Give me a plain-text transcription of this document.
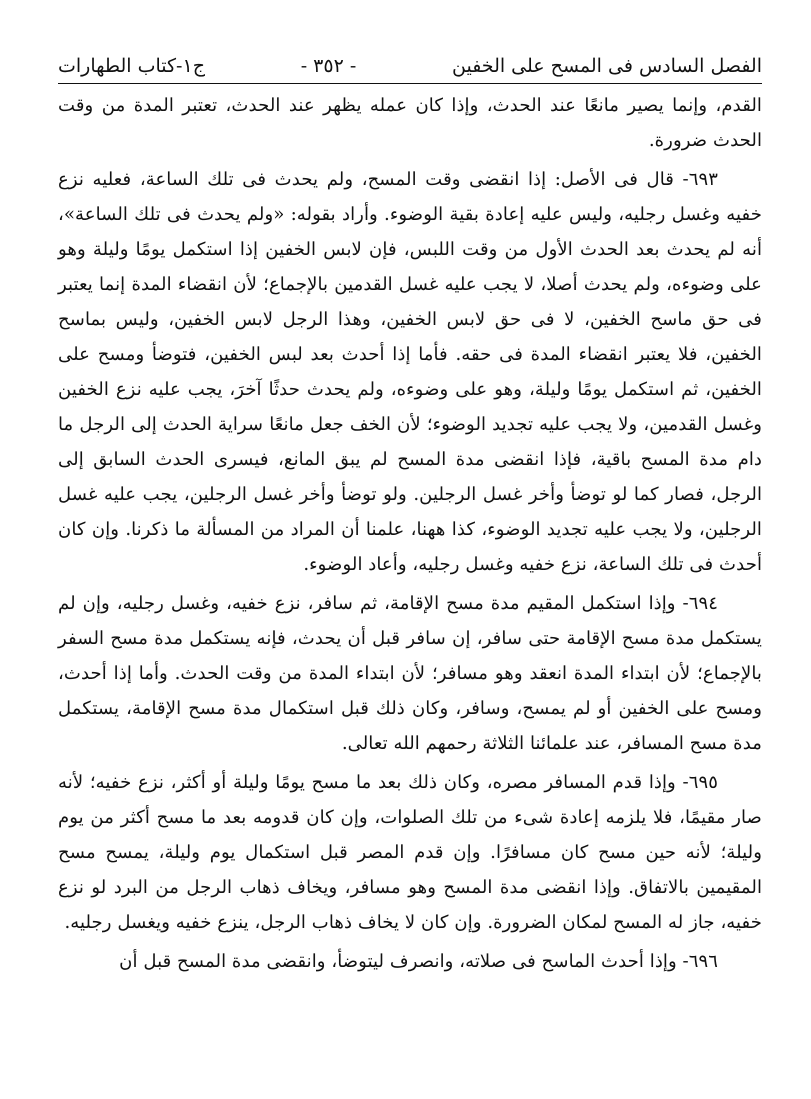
الفصل السادس فى المسح على الخفين
- ٣٥٢ -
ج١-كتاب الطهارات

القدم، وإنما يصير مانعًا عند الحدث، وإذا كان عمله يظهر عند الحدث، تعتبر المدة من وقت الحدث ضرورة.

٦٩٣- قال فى الأصل: إذا انقضى وقت المسح، ولم يحدث فى تلك الساعة، فعليه نزع خفيه وغسل رجليه، وليس عليه إعادة بقية الوضوء. وأراد بقوله: «ولم يحدث فى تلك الساعة»، أنه لم يحدث بعد الحدث الأول من وقت اللبس، فإن لابس الخفين إذا استكمل يومًا وليلة وهو على وضوءه، ولم يحدث أصلا، لا يجب عليه غسل القدمين بالإجماع؛ لأن انقضاء المدة إنما يعتبر فى حق ماسح الخفين، لا فى حق لابس الخفين، وهذا الرجل لابس الخفين، وليس بماسح الخفين، فلا يعتبر انقضاء المدة فى حقه. فأما إذا أحدث بعد لبس الخفين، فتوضأ ومسح على الخفين، ثم استكمل يومًا وليلة، وهو على وضوءه، ولم يحدث حدثًا آخرَ، يجب عليه نزع الخفين وغسل القدمين، ولا يجب عليه تجديد الوضوء؛ لأن الخف جعل مانعًا سراية الحدث إلى الرجل ما دام مدة المسح باقية، فإذا انقضى مدة المسح لم يبق المانع، فيسرى الحدث السابق إلى الرجل، فصار كما لو توضأ وأخر غسل الرجلين. ولو توضأ وأخر غسل الرجلين، يجب عليه غسل الرجلين، ولا يجب عليه تجديد الوضوء، كذا ههنا، علمنا أن المراد من المسألة ما ذكرنا. وإن كان أحدث فى تلك الساعة، نزع خفيه وغسل رجليه، وأعاد الوضوء.

٦٩٤- وإذا استكمل المقيم مدة مسح الإقامة، ثم سافر، نزع خفيه، وغسل رجليه، وإن لم يستكمل مدة مسح الإقامة حتى سافر، إن سافر قبل أن يحدث، فإنه يستكمل مدة مسح السفر بالإجماع؛ لأن ابتداء المدة انعقد وهو مسافر؛ لأن ابتداء المدة من وقت الحدث. وأما إذا أحدث، ومسح على الخفين أو لم يمسح، وسافر، وكان ذلك قبل استكمال مدة مسح الإقامة، يستكمل مدة مسح المسافر، عند علمائنا الثلاثة رحمهم الله تعالى.

٦٩٥- وإذا قدم المسافر مصره، وكان ذلك بعد ما مسح يومًا وليلة أو أكثر، نزع خفيه؛ لأنه صار مقيمًا، فلا يلزمه إعادة شىء من تلك الصلوات، وإن كان قدومه بعد ما مسح أكثر من يوم وليلة؛ لأنه حين مسح كان مسافرًا. وإن قدم المصر قبل استكمال يوم وليلة، يمسح مسح المقيمين بالاتفاق. وإذا انقضى مدة المسح وهو مسافر، ويخاف ذهاب الرجل من البرد لو نزع خفيه، جاز له المسح لمكان الضرورة. وإن كان لا يخاف ذهاب الرجل، ينزع خفيه ويغسل رجليه.

٦٩٦- وإذا أحدث الماسح فى صلاته، وانصرف ليتوضأ، وانقضى مدة المسح قبل أن
